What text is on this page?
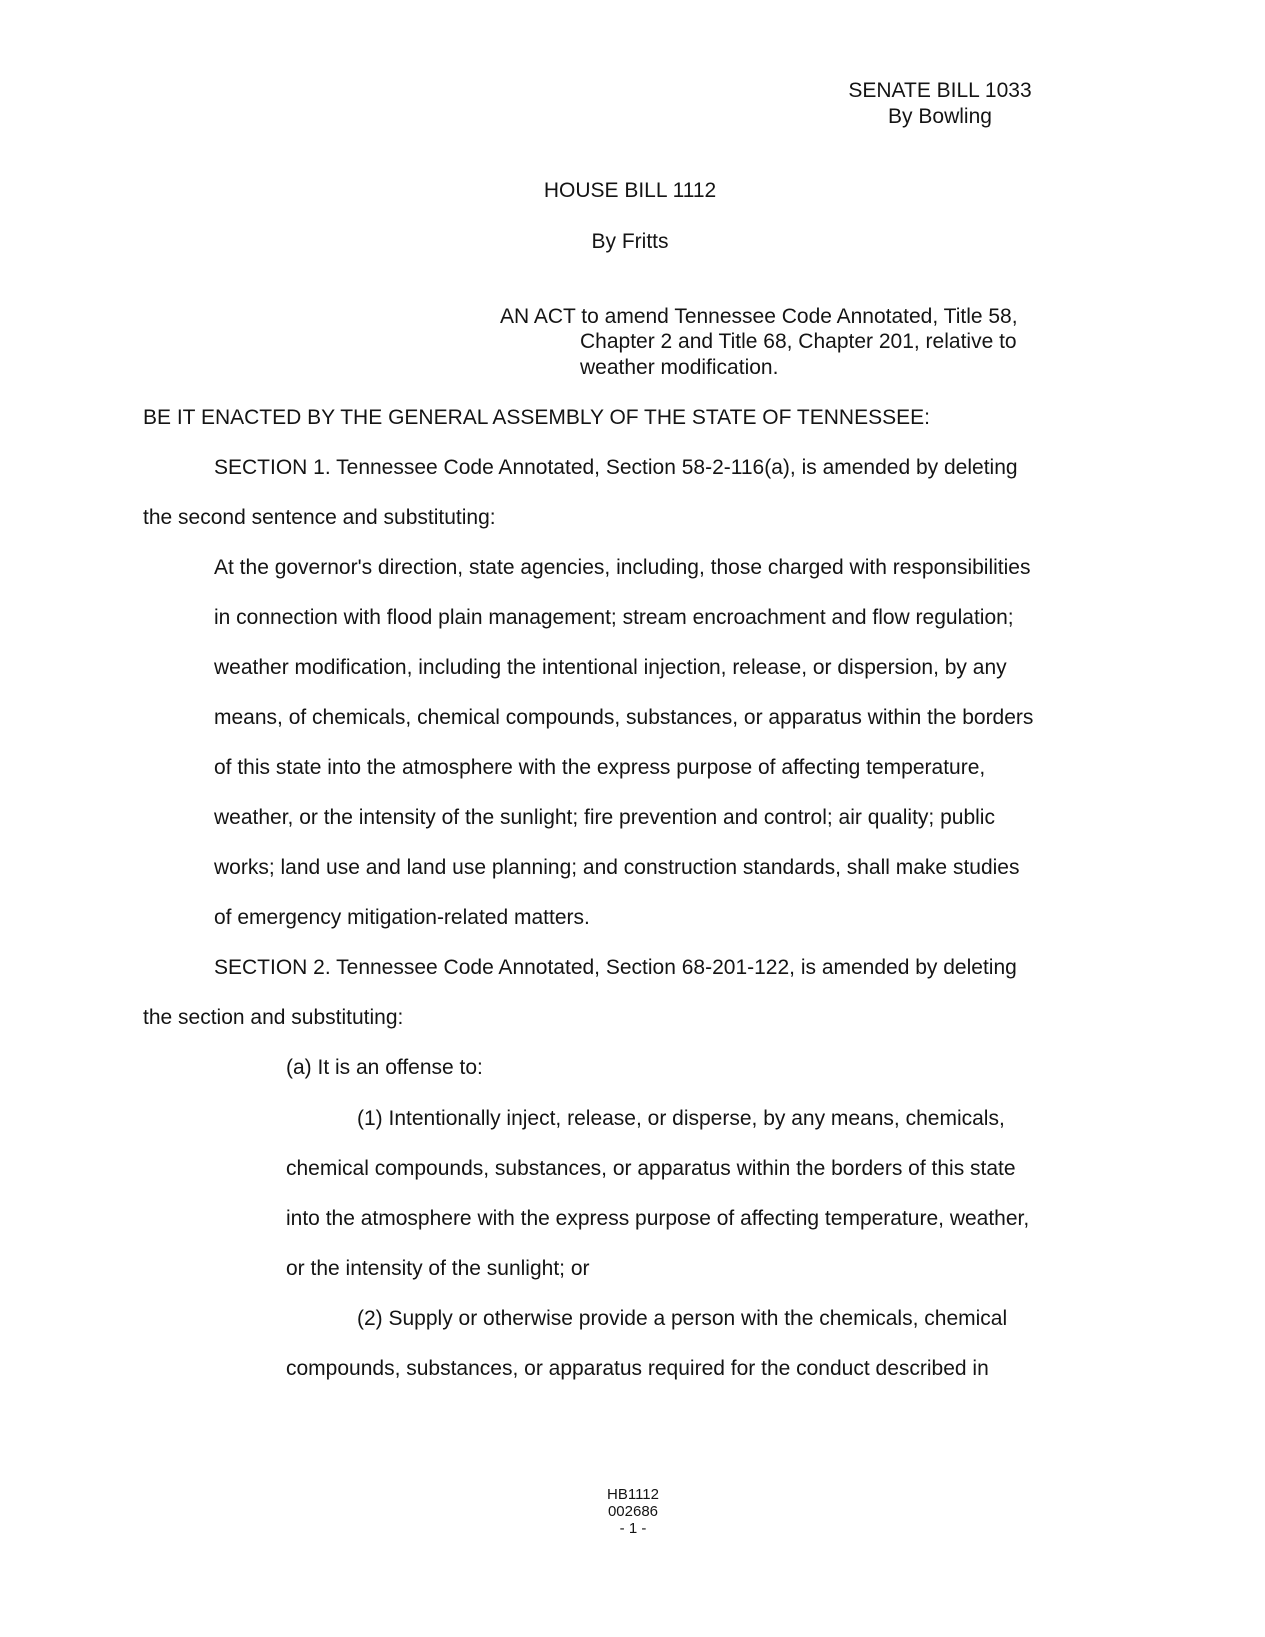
SENATE BILL 1033
By Bowling
HOUSE BILL 1112
By Fritts
AN ACT to amend Tennessee Code Annotated, Title 58,
Chapter 2 and Title 68, Chapter 201, relative to
weather modification.
BE IT ENACTED BY THE GENERAL ASSEMBLY OF THE STATE OF TENNESSEE:
SECTION 1. Tennessee Code Annotated, Section 58-2-116(a), is amended by deleting
the second sentence and substituting:
At the governor's direction, state agencies, including, those charged with responsibilities
in connection with flood plain management; stream encroachment and flow regulation;
weather modification, including the intentional injection, release, or dispersion, by any
means, of chemicals, chemical compounds, substances, or apparatus within the borders
of this state into the atmosphere with the express purpose of affecting temperature,
weather, or the intensity of the sunlight; fire prevention and control; air quality; public
works; land use and land use planning; and construction standards, shall make studies
of emergency mitigation-related matters.
SECTION 2. Tennessee Code Annotated, Section 68-201-122, is amended by deleting
the section and substituting:
(a) It is an offense to:
(1) Intentionally inject, release, or disperse, by any means, chemicals,
chemical compounds, substances, or apparatus within the borders of this state
into the atmosphere with the express purpose of affecting temperature, weather,
or the intensity of the sunlight; or
(2) Supply or otherwise provide a person with the chemicals, chemical
compounds, substances, or apparatus required for the conduct described in
HB1112
002686
- 1 -
